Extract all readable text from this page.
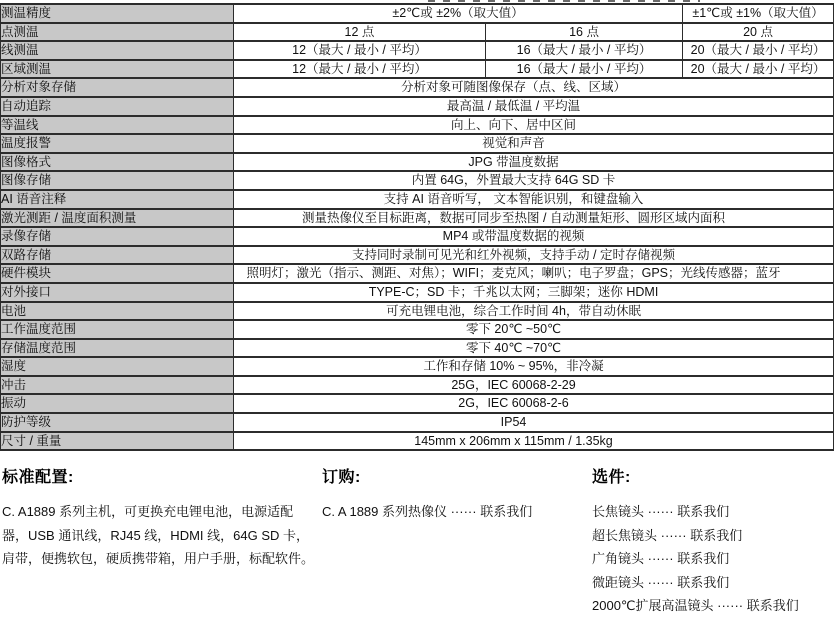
测温精度	±2℃或 ±2%（取大值）		±1℃或 ±1%（取大值）
点测温	12 点	16 点	20 点
线测温	12（最大 / 最小 / 平均）	16（最大 / 最小 / 平均）	20（最大 / 最小 / 平均）
区域测温	12（最大 / 最小 / 平均）	16（最大 / 最小 / 平均）	20（最大 / 最小 / 平均）
分析对象存储	分析对象可随图像保存（点、线、区域）		
自动追踪	最高温 / 最低温 / 平均温		
等温线	向上、向下、居中区间		
温度报警	视觉和声音		
图像格式	JPG 带温度数据		
图像存储	内置 64G，外置最大支持 64G SD 卡		
AI 语音注释	支持 AI 语音听写， 文本智能识别，和键盘输入		
激光测距 / 温度面积测量	测量热像仪至目标距离，数据可同步至热图 / 自动测量矩形、圆形区域内面积		
录像存储	MP4 或带温度数据的视频		
双路存储	支持同时录制可见光和红外视频，支持手动 / 定时存储视频		
硬件模块	照明灯；激光（指示、测距、对焦）；WIFI；麦克风；喇叭；电子罗盘；GPS；光线传感器；蓝牙		
对外接口	TYPE-C；SD 卡；千兆以太网；三脚架；迷你 HDMI		
电池	可充电锂电池，综合工作时间 4h，带自动休眠		
工作温度范围	零下 20℃ ~50℃		
存储温度范围	零下 40℃ ~70℃		
湿度	工作和存储 10% ~ 95%，非冷凝		
冲击	25G，IEC 60068-2-29		
振动	2G，IEC 60068-2-6		
防护等级	IP54		
尺寸 / 重量	145mm x 206mm x 115mm / 1.35kg		

标准配置:

C. A1889 系列主机，可更换充电锂电池，电源适配器，USB 通讯线，RJ45 线，HDMI 线，64G SD 卡，肩带，便携软包，硬质携带箱，用户手册，标配软件。

订购:

C. A 1889 系列热像仪 ······ 联系我们

选件:

长焦镜头 ······ 联系我们
超长焦镜头 ······ 联系我们
广角镜头 ······ 联系我们
微距镜头 ······ 联系我们
2000℃扩展高温镜头 ······ 联系我们
